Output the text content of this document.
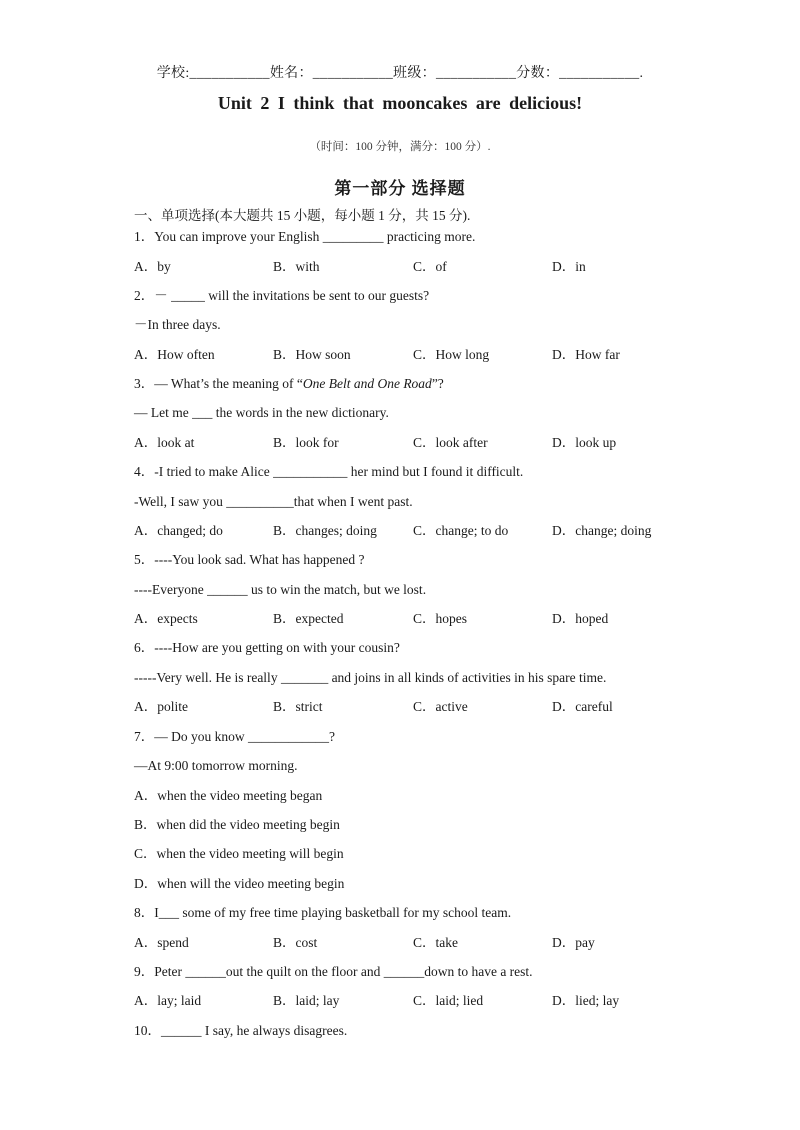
学校:___________姓名：___________班级：___________分数：___________.
Unit 2 I think that mooncakes are delicious!
（时间：100 分钟，满分：100 分）.
第一部分 选择题
一、单项选择(本大题共 15 小题，每小题 1 分，共 15 分).
1．You can improve your English _________ practicing more.
A．by	B．with	C．of	D．in
2．－ _____ will the invitations be sent to our guests?
－In three days.
A．How often	B．How soon	C．How long	D．How far
3．— What’s the meaning of “One Belt and One Road”?
— Let me ___ the words in the new dictionary.
A．look at	B．look for	C．look after	D．look up
4．-I tried to make Alice ___________ her mind but I found it difficult.
-Well, I saw you __________that when I went past.
A．changed; do	B．changes; doing	C．change; to do	D．change; doing
5．----You look sad. What has happened ?
----Everyone ______ us to win the match, but we lost.
A．expects	B．expected	C．hopes	D．hoped
6．----How are you getting on with your cousin?
-----Very well. He is really _______ and joins in all kinds of activities in his spare time.
A．polite	B．strict	C．active	D．careful
7．— Do you know ____________?
—At 9:00 tomorrow morning.
A．when the video meeting began
B．when did the video meeting begin
C．when the video meeting will begin
D．when will the video meeting begin
8．I___ some of my free time playing basketball for my school team.
A．spend	B．cost	C．take	D．pay
9．Peter ______out the quilt on the floor and ______down to have a rest.
A．lay; laid	B．laid; lay	C．laid; lied	D．lied; lay
10．______ I say, he always disagrees.
